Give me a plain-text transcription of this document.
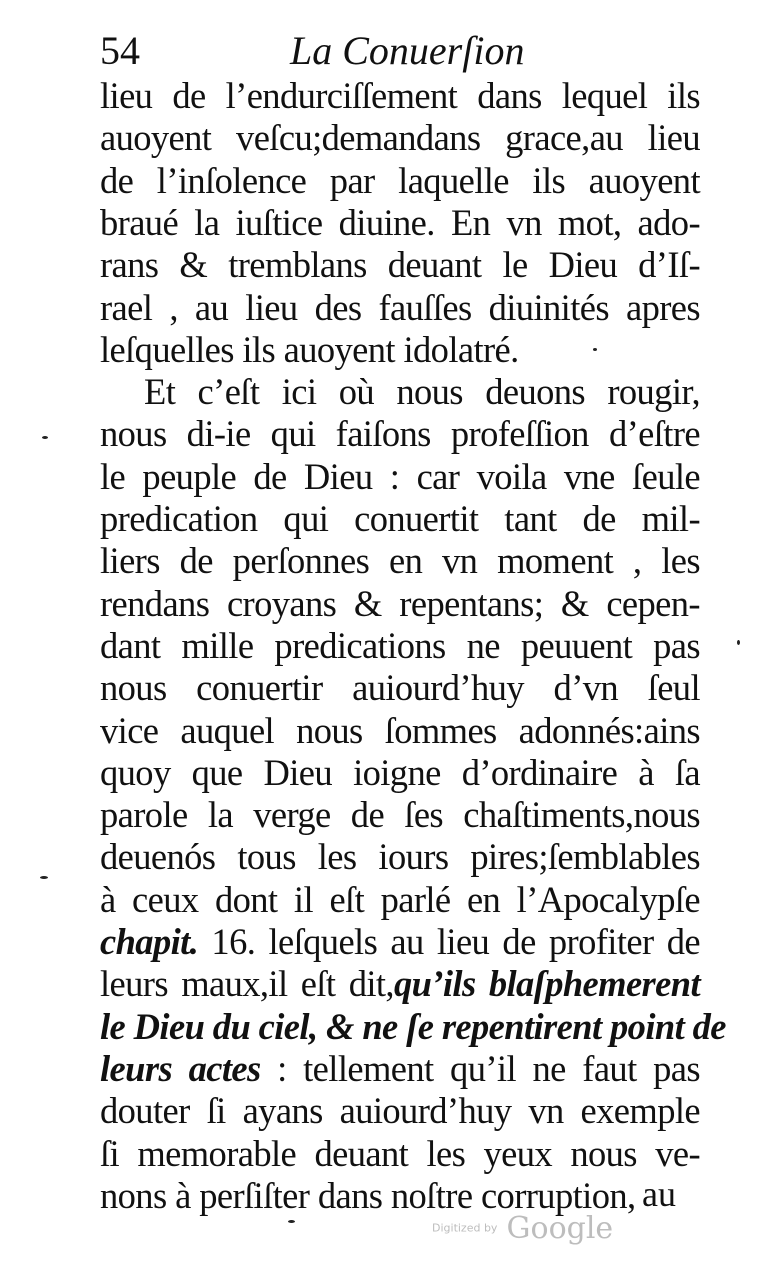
54	La Conuerſion
lieu de l’endurciſſement dans lequel ils
auoyent veſcu;demandans grace,au lieu
de l’inſolence par laquelle ils auoyent
braué la iuſtice diuine. En vn mot, ado-
rans & tremblans deuant le Dieu d’Iſ-
rael , au lieu des fauſſes diuinités apres
leſquelles ils auoyent idolatré.
Et c’eſt ici où nous deuons rougir,
nous di-ie qui faiſons profeſſion d’eſtre
le peuple de Dieu : car voila vne ſeule
predication qui conuertit tant de mil-
liers de perſonnes en vn moment , les
rendans croyans & repentans; & cepen-
dant mille predications ne peuuent pas
nous conuertir auiourd’huy d’vn ſeul
vice auquel nous ſommes adonnés:ains
quoy que Dieu ioigne d’ordinaire à ſa
parole la verge de ſes chaſtiments,nous
deuenós tous les iours pires;ſemblables
à ceux dont il eſt parlé en l’Apocalypſe
chapit. 16. leſquels au lieu de profiter de
leurs maux,il eſt dit,qu’ils blaſphemerent
le Dieu du ciel, & ne ſe repentirent point de
leurs actes : tellement qu’il ne faut pas
douter ſi ayans auiourd’huy vn exemple
ſi memorable deuant les yeux nous ve-
nons à perſiſter dans noſtre corruption, au
Digitized by Google
